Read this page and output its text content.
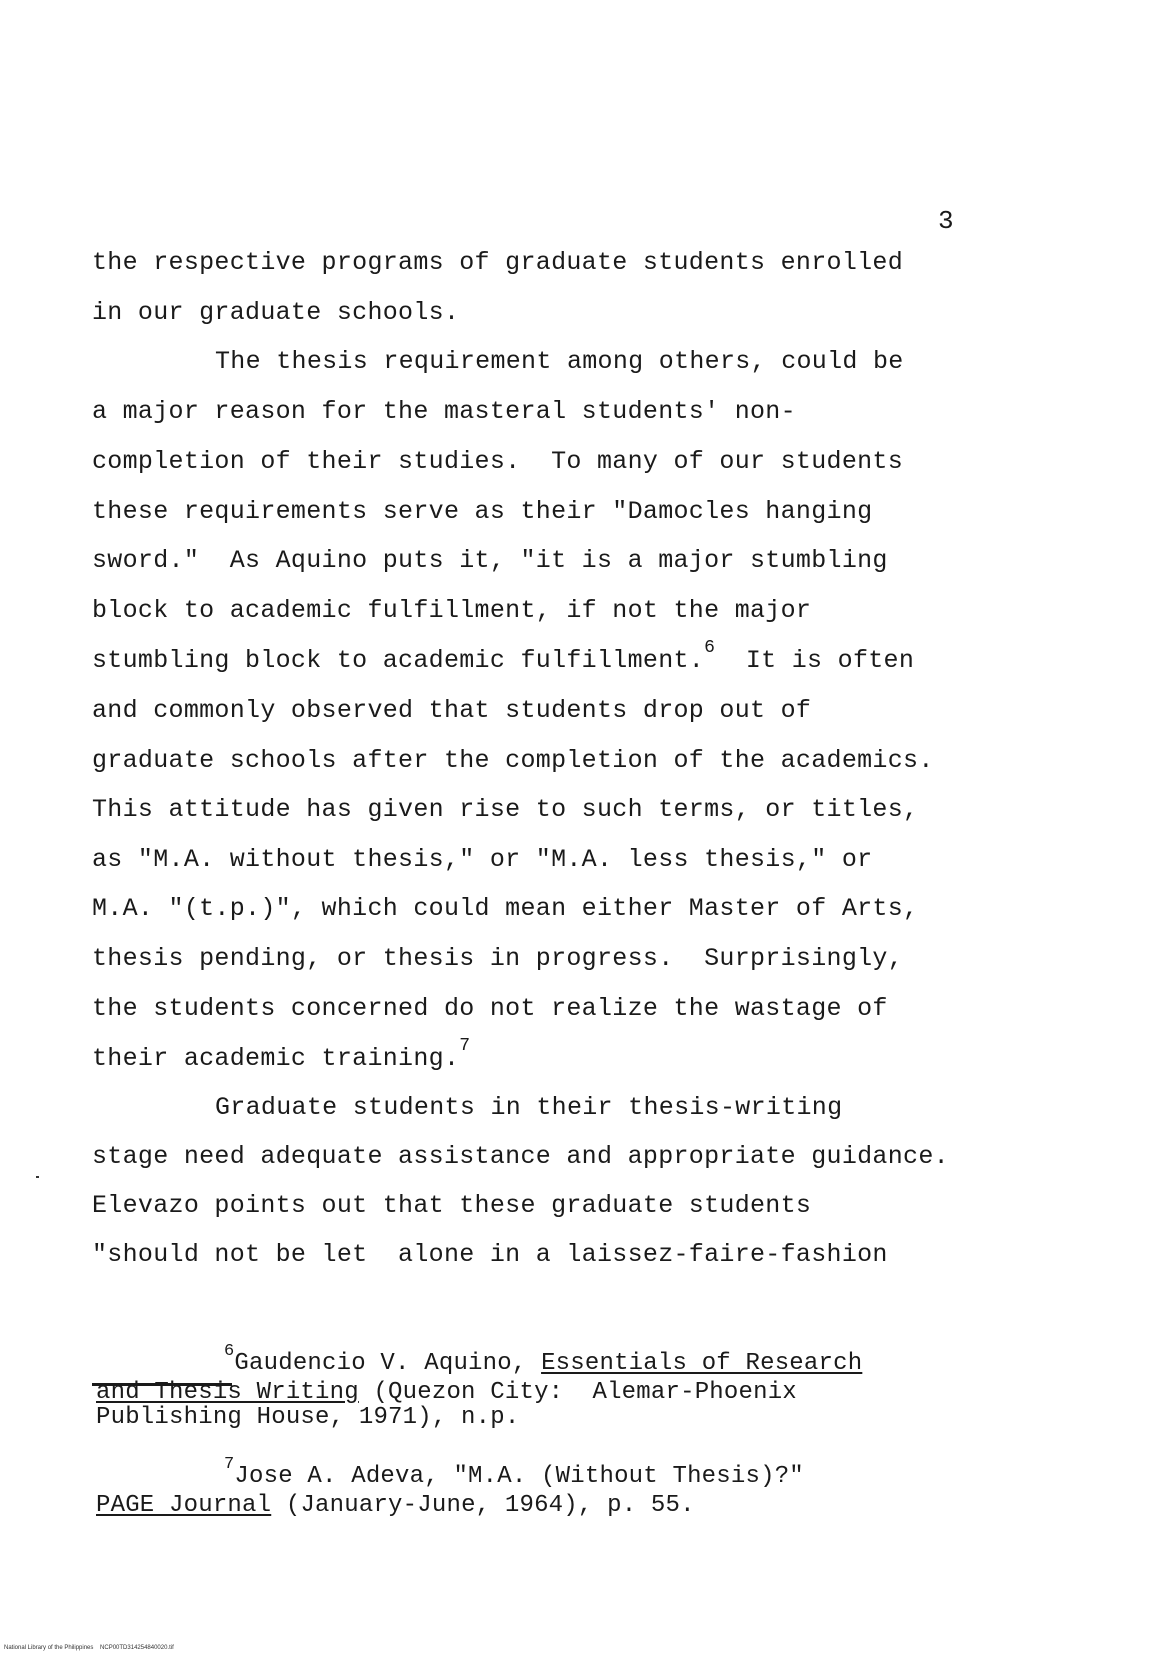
3
the respective programs of graduate students enrolled
in our graduate schools.
The thesis requirement among others, could be
a major reason for the masteral students' non-
completion of their studies.  To many of our students
these requirements serve as their "Damocles hanging
sword."  As Aquino puts it, "it is a major stumbling
block to academic fulfillment, if not the major
stumbling block to academic fulfillment.$^6$  It is often
and commonly observed that students drop out of
graduate schools after the completion of the academics.
This attitude has given rise to such terms, or titles,
as "M.A. without thesis," or "M.A. less thesis," or
M.A. "(t.p.)", which could mean either Master of Arts,
thesis pending, or thesis in progress.  Surprisingly,
the students concerned do not realize the wastage of
their academic training.$^7$
Graduate students in their thesis-writing
stage need adequate assistance and appropriate guidance.
Elevazo points out that these graduate students
"should not be let  alone in a laissez-faire-fashion
$^6$Gaudencio V. Aquino, Essentials of Research
and Thesis Writing (Quezon City:  Alemar-Phoenix
Publishing House, 1971), n.p.
$^7$Jose A. Adeva, "M.A. (Without Thesis)?"
PAGE Journal (January-June, 1964), p. 55.
National Library of the Philippines    NCP00TD314254840020.tif
